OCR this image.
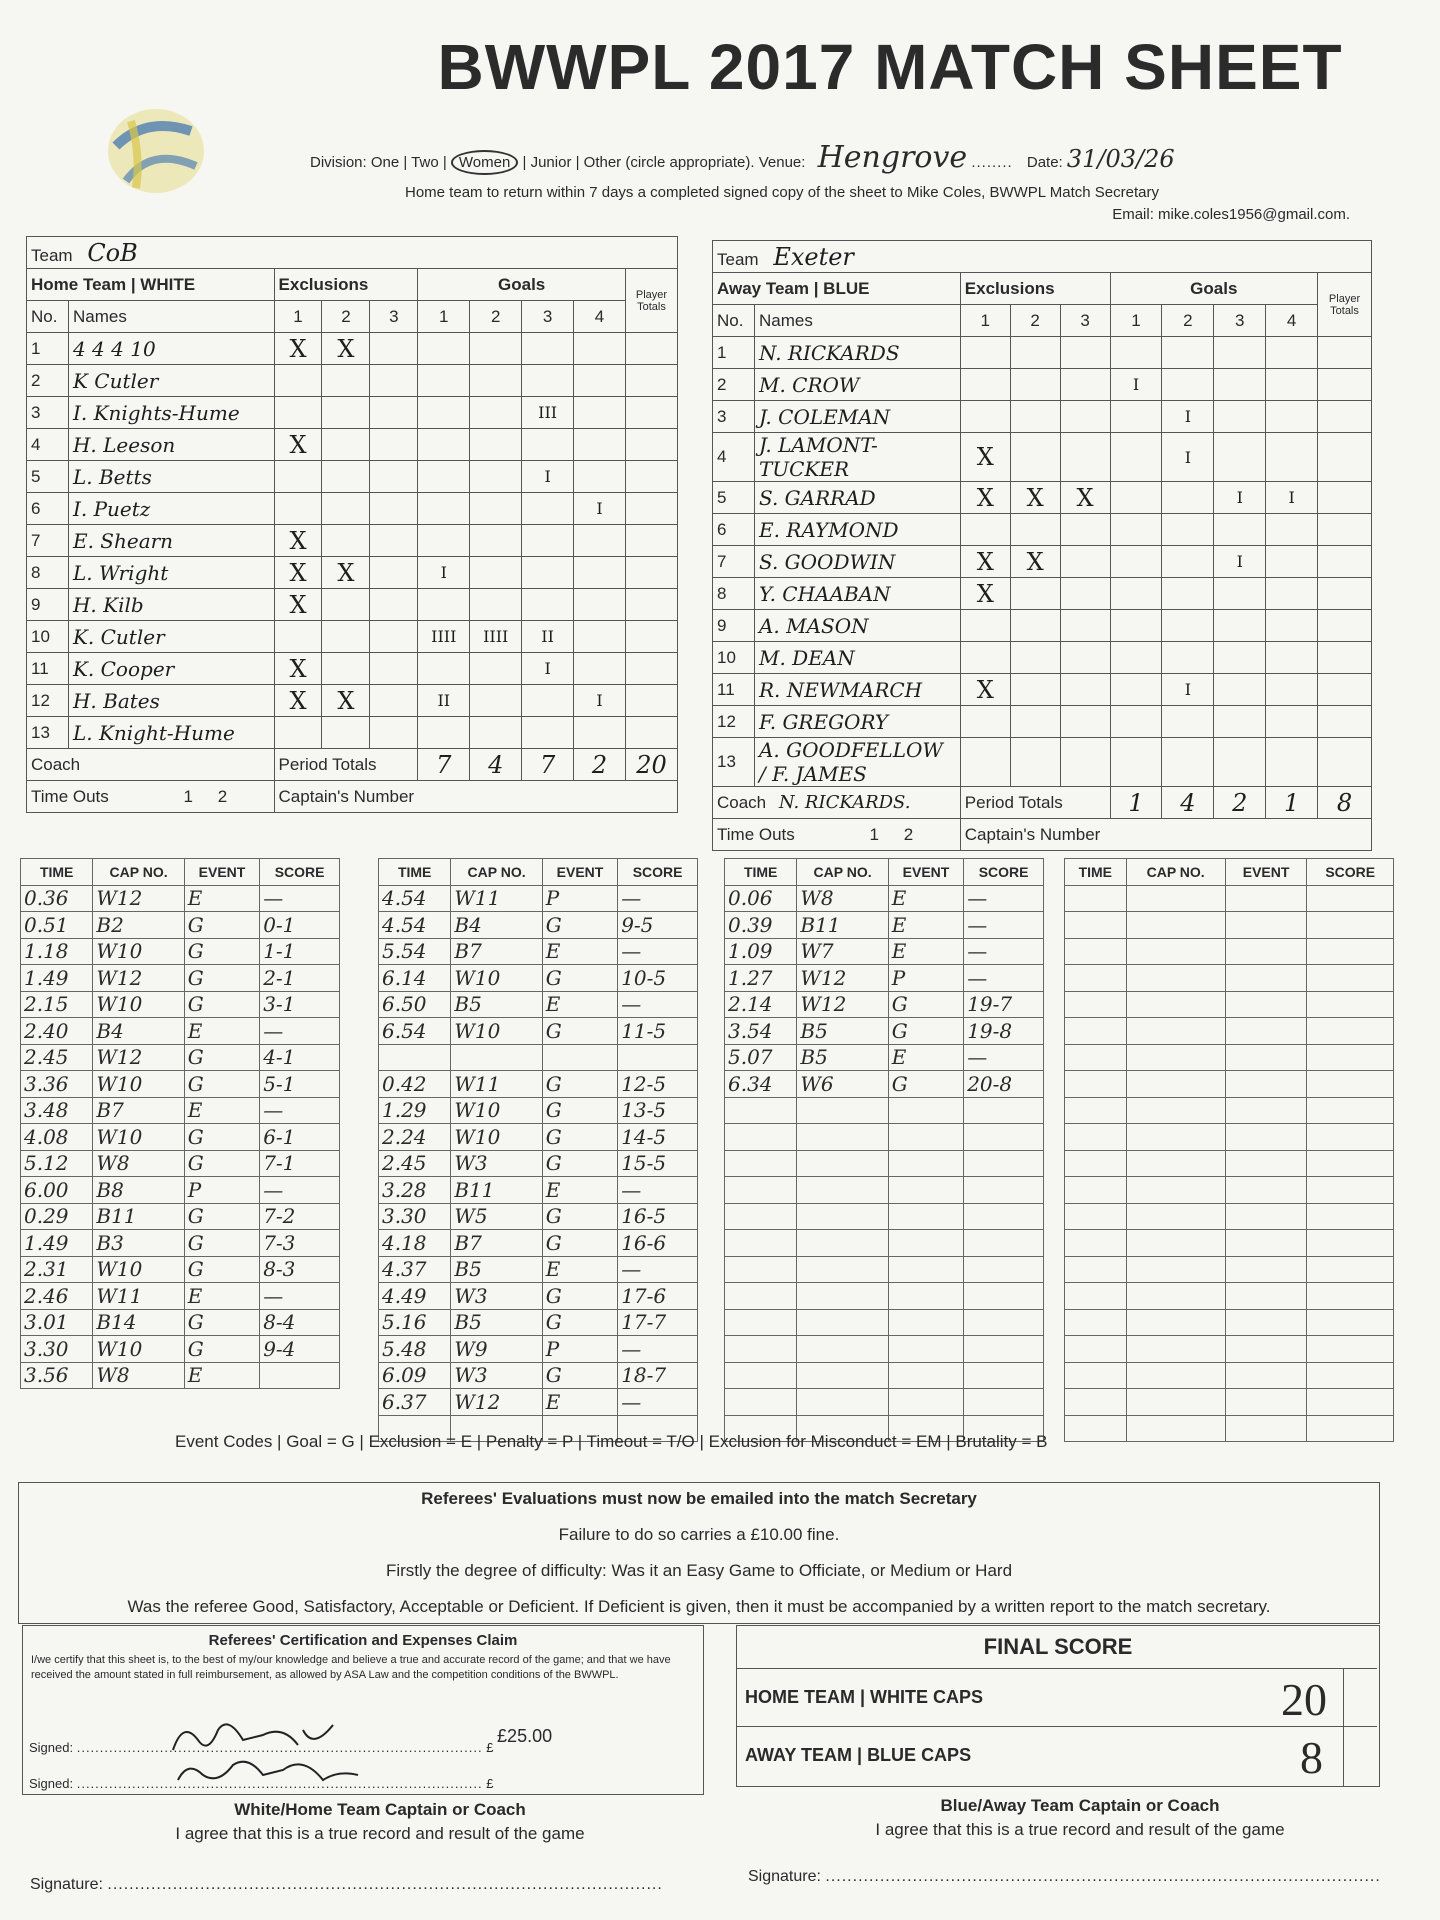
BWWPL 2017 MATCH SHEET
Division: One | Two | Women | Junior | Other (circle appropriate). Venue: Hengrove ........ Date: 31/03/26
Home team to return within 7 days a completed signed copy of the sheet to Mike Coles, BWWPL Match Secretary
Email: mike.coles1956@gmail.com.
Team CoB									
Home Team | WHITE		Exclusions			Goals				Player Totals
No.	Names	1	2	3	1	2	3	4	
1	4 4 4 10	X	X						
2	K Cutler								
3	I. Knights-Hume						III		
4	H. Leeson	X							
5	L. Betts						I		
6	I. Puetz							I	
7	E. Shearn	X							
8	L. Wright	X	X		I				
9	H. Kilb	X							
10	K. Cutler				IIII	IIII	II		
11	K. Cooper	X					I		
12	H. Bates	X	X		II			I	
13	L. Knight-Hume								
Coach		Period Totals			7	4	7	2	20
Time Outs 1 2		Captain's Number							
Team Exeter									
Away Team | BLUE		Exclusions			Goals				Player Totals
No.	Names	1	2	3	1	2	3	4	
1	N. RICKARDS								
2	M. CROW				I				
3	J. COLEMAN					I			
4	J. LAMONT-TUCKER	X				I			
5	S. GARRAD	X	X	X			I	I	
6	E. RAYMOND								
7	S. GOODWIN	X	X				I		
8	Y. CHAABAN	X							
9	A. MASON								
10	M. DEAN								
11	R. NEWMARCH	X				I			
12	F. GREGORY								
13	A. GOODFELLOW / F. JAMES								
Coach N. RICKARDS.		Period Totals			1	4	2	1	8
Time Outs 1 2		Captain's Number							
TIME	CAP NO.	EVENT	SCORE
0.36	W12	E	—
0.51	B2	G	0-1
1.18	W10	G	1-1
1.49	W12	G	2-1
2.15	W10	G	3-1
2.40	B4	E	—
2.45	W12	G	4-1
3.36	W10	G	5-1
3.48	B7	E	—
4.08	W10	G	6-1
5.12	W8	G	7-1
6.00	B8	P	—
0.29	B11	G	7-2
1.49	B3	G	7-3
2.31	W10	G	8-3
2.46	W11	E	—
3.01	B14	G	8-4
3.30	W10	G	9-4
3.56	W8	E	
TIME	CAP NO.	EVENT	SCORE
4.54	W11	P	—
4.54	B4	G	9-5
5.54	B7	E	—
6.14	W10	G	10-5
6.50	B5	E	—
6.54	W10	G	11-5

0.42	W11	G	12-5
1.29	W10	G	13-5
2.24	W10	G	14-5
2.45	W3	G	15-5
3.28	B11	E	—
3.30	W5	G	16-5
4.18	B7	G	16-6
4.37	B5	E	—
4.49	W3	G	17-6
5.16	B5	G	17-7
5.48	W9	P	—
6.09	W3	G	18-7
6.37	W12	E	—

TIME	CAP NO.	EVENT	SCORE
0.06	W8	E	—
0.39	B11	E	—
1.09	W7	E	—
1.27	W12	P	—
2.14	W12	G	19-7
3.54	B5	G	19-8
5.07	B5	E	—
6.34	W6	G	20-8

TIME	CAP NO.	EVENT	SCORE

Event Codes | Goal = G | Exclusion = E | Penalty = P | Timeout = T/O | Exclusion for Misconduct = EM | Brutality = B

Referees' Evaluations must now be emailed into the match Secretary

Failure to do so carries a £10.00 fine.

Firstly the degree of difficulty: Was it an Easy Game to Officiate, or Medium or Hard

Was the referee Good, Satisfactory, Acceptable or Deficient. If Deficient is given, then it must be accompanied by a written report to the match secretary.

Referees' Certification and Expenses Claim
I/we certify that this sheet is, to the best of my/our knowledge and believe a true and accurate record of the game; and that we have received the amount stated in full reimbursement, as allowed by ASA Law and the competition conditions of the BWWPL.
Signed: ........................................................................................ £ £25.00
Signed: ........................................................................................ £
FINAL SCORE
HOME TEAM | WHITE CAPS	20
AWAY TEAM | BLUE CAPS	8
White/Home Team Captain or Coach
I agree that this is a true record and result of the game
Blue/Away Team Captain or Coach
I agree that this is a true record and result of the game
Signature: ......................................................................................................	Signature: ......................................................................................................
